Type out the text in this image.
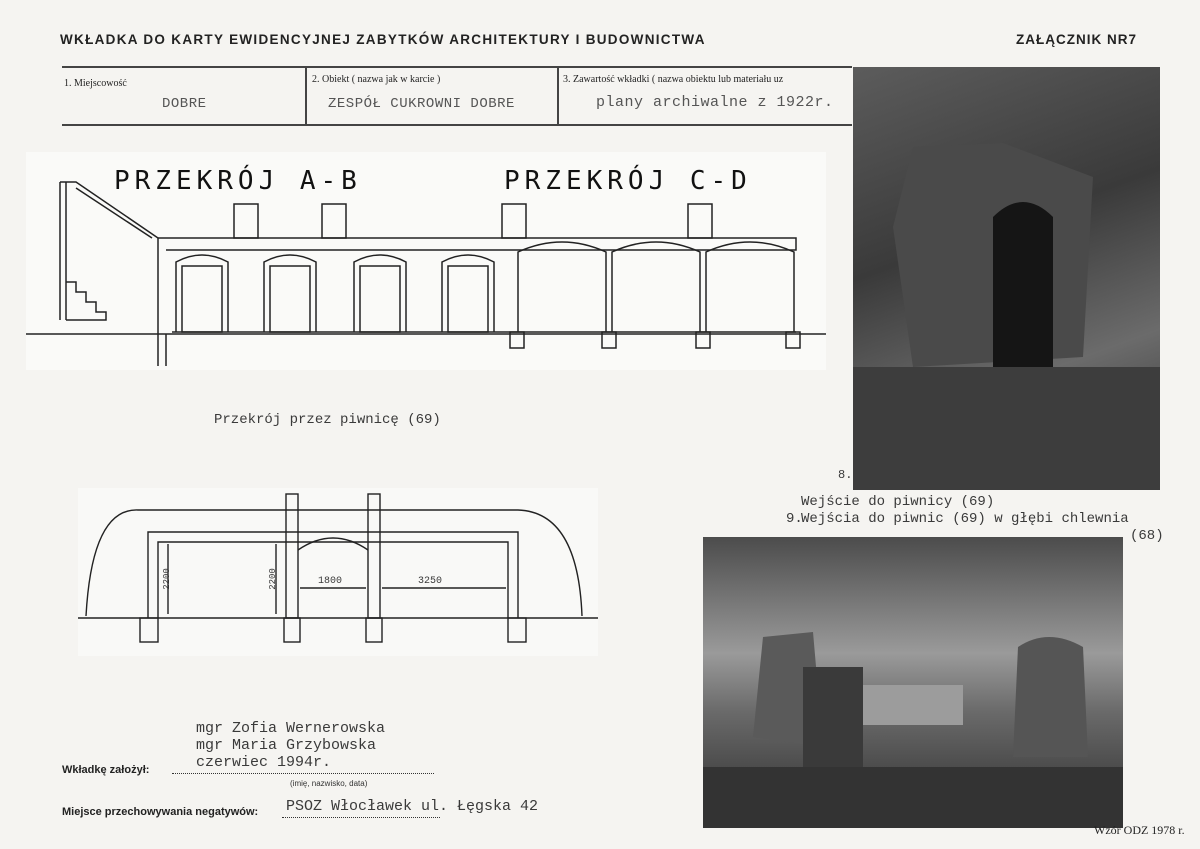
WKŁADKA DO KARTY EWIDENCYJNEJ ZABYTKÓW ARCHITEKTURY I BUDOWNICTWA	ZAŁĄCZNIK NR7
1. Miejscowość
DOBRE
2. Obiekt ( nazwa jak w karcie )
ZESPÓŁ CUKROWNI DOBRE
3. Zawartość wkładki ( nazwa obiektu lub materiału uz
plany archiwalne z 1922r.
PRZEKRÓJ A-B	PRZEKRÓJ C-D
Przekrój przez piwnicę (69)
2200	2200	1800	3250
8.
Wejście do piwnicy (69)
9.
Wejścia do piwnic (69) w głębi chlewnia
(68)
mgr Zofia Wernerowska
mgr Maria Grzybowska
czerwiec 1994r.
Wkładkę założył:
(imię, nazwisko, data)
Miejsce przechowywania negatywów: PSOZ Włocławek ul. Łęgska 42
Wzór ODZ 1978 r.
